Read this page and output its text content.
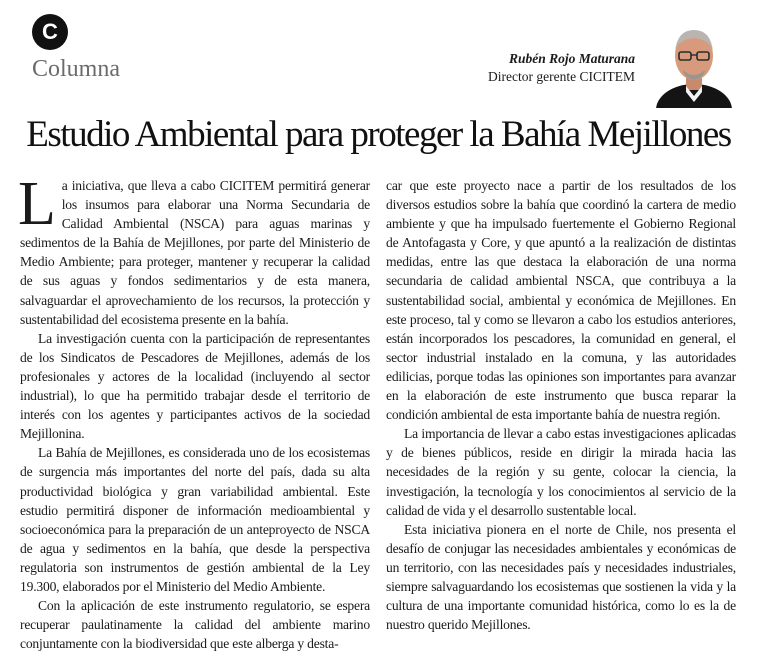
C
Columna	Rubén Rojo Maturana
Director gerente CICITEM
Estudio Ambiental para proteger la Bahía Mejillones

La iniciativa, que lleva a cabo CICITEM permitirá generar los insumos para elaborar una Norma Secundaria de Calidad Ambiental (NSCA) para aguas marinas y sedimentos de la Bahía de Mejillones, por parte del Ministerio de Medio Ambiente; para proteger, mantener y recuperar la calidad de sus aguas y fondos sedimentarios y de esta manera, salvaguardar el aprovechamiento de los recursos, la protección y sustentabilidad del ecosistema presente en la bahía.

La investigación cuenta con la participación de representantes de los Sindicatos de Pescadores de Mejillones, además de los profesionales y actores de la localidad (incluyendo al sector industrial), lo que ha permitido trabajar desde el territorio de interés con los agentes y participantes activos de la sociedad Mejillonina.

La Bahía de Mejillones, es considerada uno de los ecosistemas de surgencia más importantes del norte del país, dada su alta productividad biológica y gran variabilidad ambiental. Este estudio permitirá disponer de información medioambiental y socioeconómica para la preparación de un anteproyecto de NSCA de agua y sedimentos en la bahía, que desde la perspectiva regulatoria son instrumentos de gestión ambiental de la Ley 19.300, elaborados por el Ministerio del Medio Ambiente.

Con la aplicación de este instrumento regulatorio, se espera recuperar paulatinamente la calidad del ambiente marino conjuntamente con la biodiversidad que este alberga y desta-

car que este proyecto nace a partir de los resultados de los diversos estudios sobre la bahía que coordinó la cartera de medio ambiente y que ha impulsado fuertemente el Gobierno Regional de Antofagasta y Core, y que apuntó a la realización de distintas medidas, entre las que destaca la elaboración de una norma secundaria de calidad ambiental NSCA, que contribuya a la sustentabilidad social, ambiental y económica de Mejillones. En este proceso, tal y como se llevaron a cabo los estudios anteriores, están incorporados los pescadores, la comunidad en general, el sector industrial instalado en la comuna, y las autoridades edilicias, porque todas las opiniones son importantes para avanzar en la elaboración de este instrumento que busca reparar la condición ambiental de esta importante bahía de nuestra región.

La importancia de llevar a cabo estas investigaciones aplicadas y de bienes públicos, reside en dirigir la mirada hacia las necesidades de la región y su gente, colocar la ciencia, la investigación, la tecnología y los conocimientos al servicio de la calidad de vida y el desarrollo sustentable local.

Esta iniciativa pionera en el norte de Chile, nos presenta el desafío de conjugar las necesidades ambientales y económicas de un territorio, con las necesidades país y necesidades industriales, siempre salvaguardando los ecosistemas que sostienen la vida y la cultura de una importante comunidad histórica, como lo es la de nuestro querido Mejillones.
